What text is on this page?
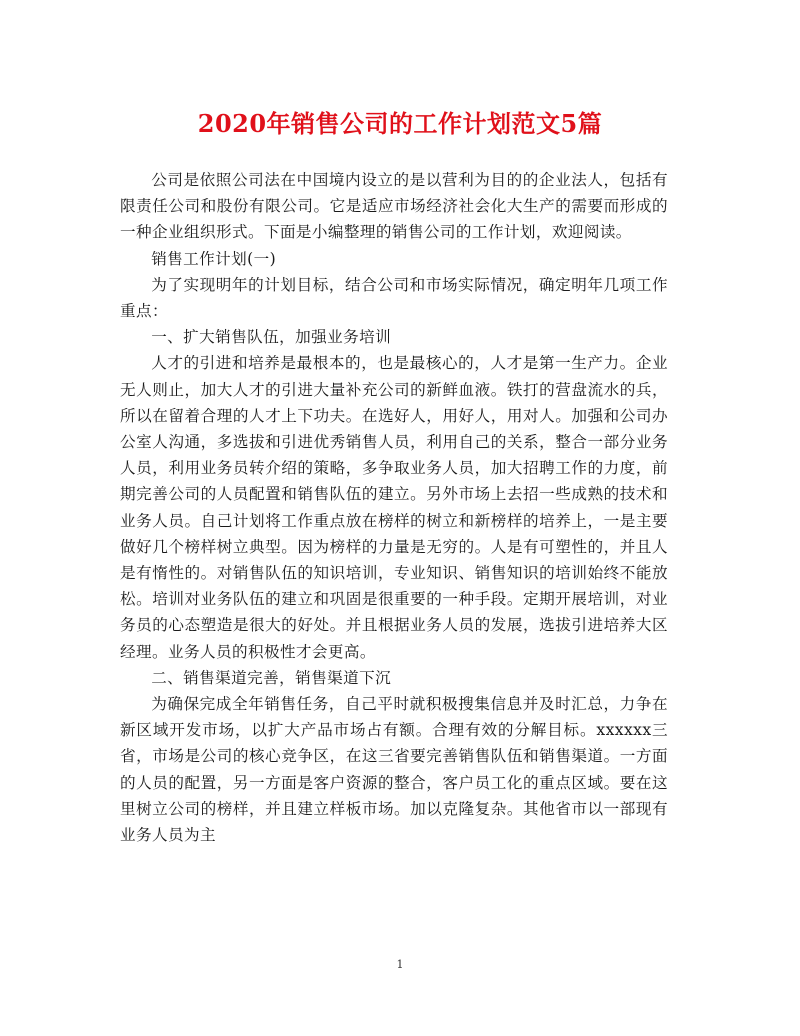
2020年销售公司的工作计划范文5篇

公司是依照公司法在中国境内设立的是以营利为目的的企业法人，包括有限责任公司和股份有限公司。它是适应市场经济社会化大生产的需要而形成的一种企业组织形式。下面是小编整理的销售公司的工作计划，欢迎阅读。

销售工作计划(一)

为了实现明年的计划目标，结合公司和市场实际情况，确定明年几项工作重点：

一、扩大销售队伍，加强业务培训

人才的引进和培养是最根本的，也是最核心的，人才是第一生产力。企业无人则止，加大人才的引进大量补充公司的新鲜血液。铁打的营盘流水的兵，所以在留着合理的人才上下功夫。在选好人，用好人，用对人。加强和公司办公室人沟通，多选拔和引进优秀销售人员，利用自己的关系，整合一部分业务人员，利用业务员转介绍的策略，多争取业务人员，加大招聘工作的力度，前期完善公司的人员配置和销售队伍的建立。另外市场上去招一些成熟的技术和业务人员。自己计划将工作重点放在榜样的树立和新榜样的培养上，一是主要做好几个榜样树立典型。因为榜样的力量是无穷的。人是有可塑性的，并且人是有惰性的。对销售队伍的知识培训，专业知识、销售知识的培训始终不能放松。培训对业务队伍的建立和巩固是很重要的一种手段。定期开展培训，对业务员的心态塑造是很大的好处。并且根据业务人员的发展，选拔引进培养大区经理。业务人员的积极性才会更高。

二、销售渠道完善，销售渠道下沉

为确保完成全年销售任务，自己平时就积极搜集信息并及时汇总，力争在新区域开发市场，以扩大产品市场占有额。合理有效的分解目标。xxxxxx三省，市场是公司的核心竞争区，在这三省要完善销售队伍和销售渠道。一方面的人员的配置，另一方面是客户资源的整合，客户员工化的重点区域。要在这里树立公司的榜样，并且建立样板市场。加以克隆复杂。其他省市以一部现有业务人员为主

1
